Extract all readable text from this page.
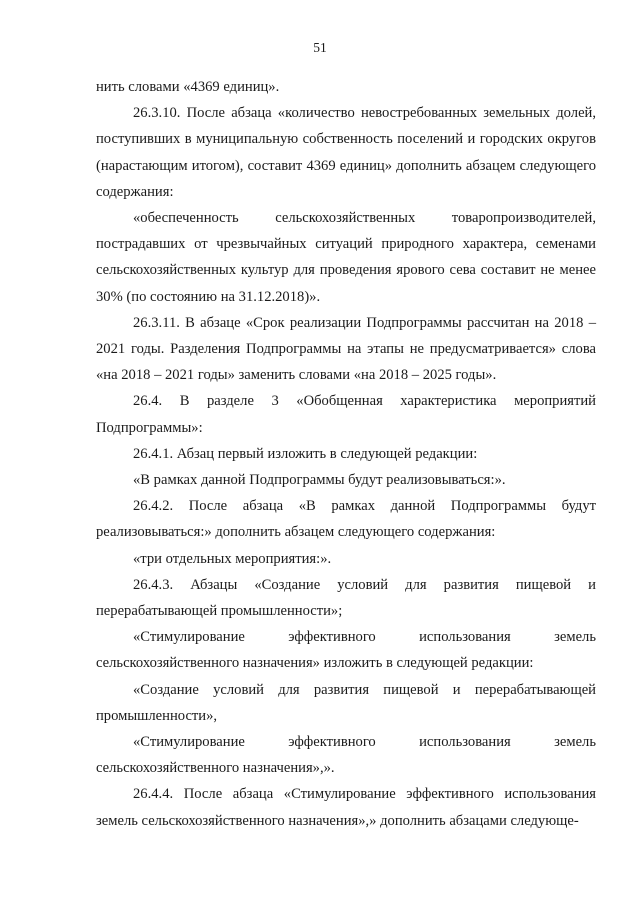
51

нить словами «4369 единиц».

26.3.10. После абзаца «количество невостребованных земельных долей, поступивших в муниципальную собственность поселений и городских округов (нарастающим итогом), составит 4369 единиц» дополнить абзацем следующего содержания:

«обеспеченность сельскохозяйственных товаропроизводителей, пострадавших от чрезвычайных ситуаций природного характера, семенами сельскохозяйственных культур для проведения ярового сева составит не менее 30% (по состоянию на 31.12.2018)».

26.3.11. В абзаце «Срок реализации Подпрограммы рассчитан на 2018 – 2021 годы. Разделения Подпрограммы на этапы не предусматривается» слова «на 2018 – 2021 годы» заменить словами «на 2018 – 2025 годы».

26.4. В разделе 3 «Обобщенная характеристика мероприятий Подпрограммы»:

26.4.1. Абзац первый изложить в следующей редакции:

«В рамках данной Подпрограммы будут реализовываться:».

26.4.2. После абзаца «В рамках данной Подпрограммы будут реализовываться:» дополнить абзацем следующего содержания:

«три отдельных мероприятия:».

26.4.3. Абзацы «Создание условий для развития пищевой и перерабатывающей промышленности»;

«Стимулирование эффективного использования земель сельскохозяйственного назначения» изложить в следующей редакции:

«Создание условий для развития пищевой и перерабатывающей промышленности»,

«Стимулирование эффективного использования земель сельскохозяйственного назначения»,».

26.4.4. После абзаца «Стимулирование эффективного использования земель сельскохозяйственного назначения»,» дополнить абзацами следующе-
